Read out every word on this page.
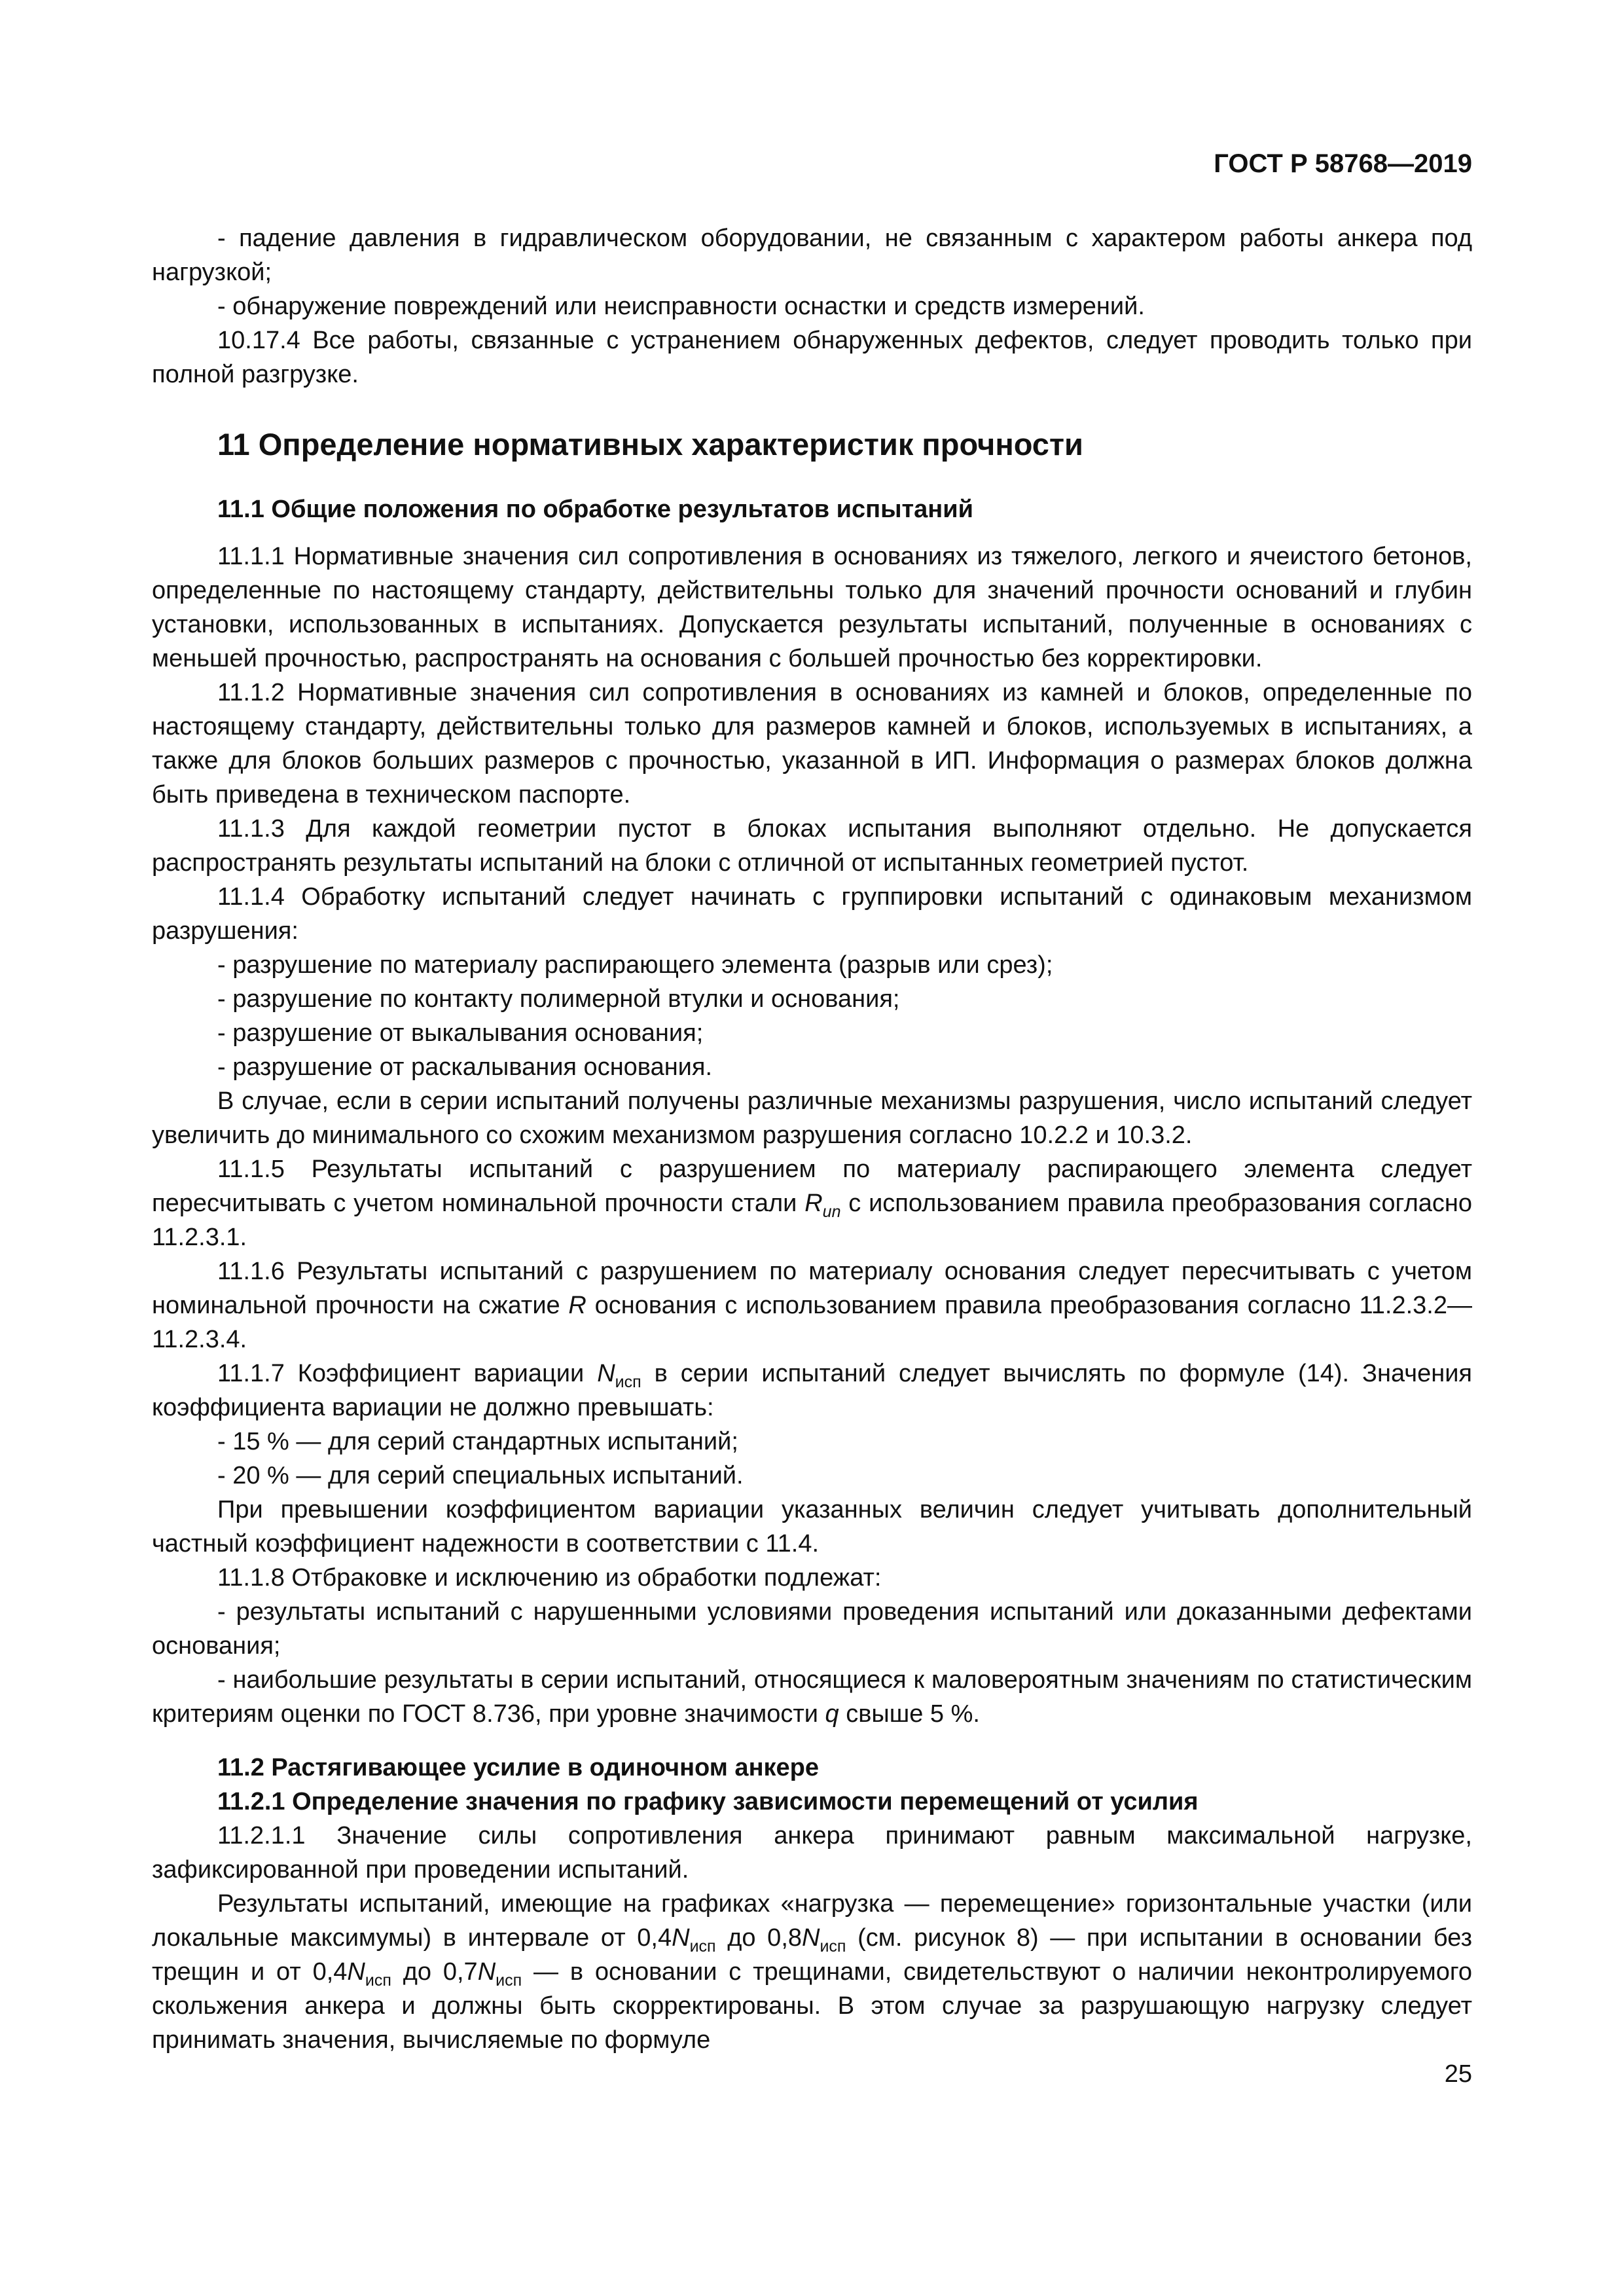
ГОСТ Р 58768—2019

- падение давления в гидравлическом оборудовании, не связанным с характером работы анкера под нагрузкой;

- обнаружение повреждений или неисправности оснастки и средств измерений.

10.17.4 Все работы, связанные с устранением обнаруженных дефектов, следует проводить только при полной разгрузке.

11 Определение нормативных характеристик прочности
11.1 Общие положения по обработке результатов испытаний

11.1.1 Нормативные значения сил сопротивления в основаниях из тяжелого, легкого и ячеистого бетонов, определенные по настоящему стандарту, действительны только для значений прочности оснований и глубин установки, использованных в испытаниях. Допускается результаты испытаний, полученные в основаниях с меньшей прочностью, распространять на основания с большей прочностью без корректировки.

11.1.2 Нормативные значения сил сопротивления в основаниях из камней и блоков, определенные по настоящему стандарту, действительны только для размеров камней и блоков, используемых в испытаниях, а также для блоков больших размеров с прочностью, указанной в ИП. Информация о размерах блоков должна быть приведена в техническом паспорте.

11.1.3 Для каждой геометрии пустот в блоках испытания выполняют отдельно. Не допускается распространять результаты испытаний на блоки с отличной от испытанных геометрией пустот.

11.1.4 Обработку испытаний следует начинать с группировки испытаний с одинаковым механизмом разрушения:

- разрушение по материалу распирающего элемента (разрыв или срез);

- разрушение по контакту полимерной втулки и основания;

- разрушение от выкалывания основания;

- разрушение от раскалывания основания.

В случае, если в серии испытаний получены различные механизмы разрушения, число испытаний следует увеличить до минимального со схожим механизмом разрушения согласно 10.2.2 и 10.3.2.

11.1.5 Результаты испытаний с разрушением по материалу распирающего элемента следует пересчитывать с учетом номинальной прочности стали $R_{un}$ с использованием правила преобразования согласно 11.2.3.1.

11.1.6 Результаты испытаний с разрушением по материалу основания следует пересчитывать с учетом номинальной прочности на сжатие R основания с использованием правила преобразования согласно 11.2.3.2—11.2.3.4.

11.1.7 Коэффициент вариации $N_{исп}$ в серии испытаний следует вычислять по формуле (14). Значения коэффициента вариации не должно превышать:

- 15 % — для серий стандартных испытаний;

- 20 % — для серий специальных испытаний.

При превышении коэффициентом вариации указанных величин следует учитывать дополнительный частный коэффициент надежности в соответствии с 11.4.

11.1.8 Отбраковке и исключению из обработки подлежат:

- результаты испытаний с нарушенными условиями проведения испытаний или доказанными дефектами основания;

- наибольшие результаты в серии испытаний, относящиеся к маловероятным значениям по статистическим критериям оценки по ГОСТ 8.736, при уровне значимости q свыше 5 %.

11.2 Растягивающее усилие в одиночном анкере
11.2.1 Определение значения по графику зависимости перемещений от усилия

11.2.1.1 Значение силы сопротивления анкера принимают равным максимальной нагрузке, зафиксированной при проведении испытаний.

Результаты испытаний, имеющие на графиках «нагрузка — перемещение» горизонтальные участки (или локальные максимумы) в интервале от $0,4N_{исп}$ до $0,8N_{исп}$ (см. рисунок 8) — при испытании в основании без трещин и от $0,4N_{исп}$ до $0,7N_{исп}$ — в основании с трещинами, свидетельствуют о наличии неконтролируемого скольжения анкера и должны быть скорректированы. В этом случае за разрушающую нагрузку следует принимать значения, вычисляемые по формуле

25
